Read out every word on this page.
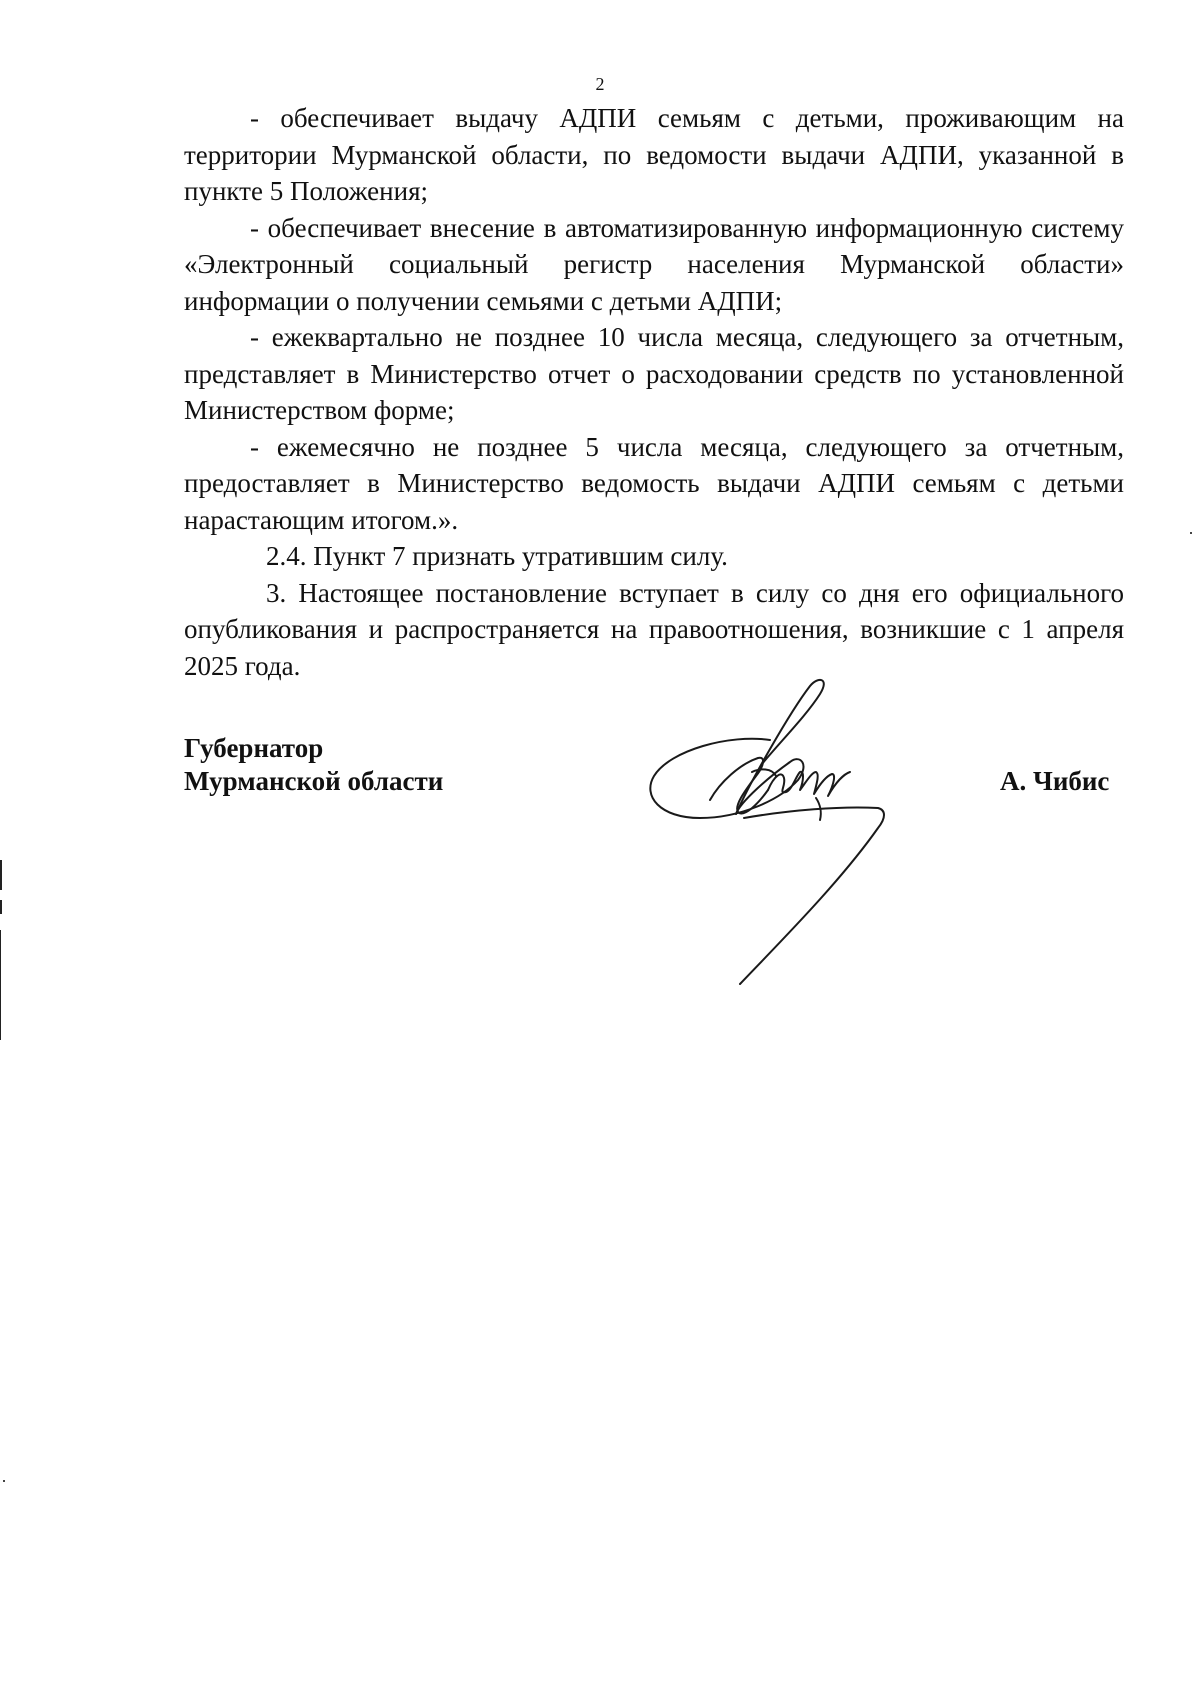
2

- обеспечивает выдачу АДПИ семьям с детьми, проживающим на территории Мурманской области, по ведомости выдачи АДПИ, указанной в пункте 5 Положения;

- обеспечивает внесение в автоматизированную информационную систему «Электронный социальный регистр населения Мурманской области» информации о получении семьями с детьми АДПИ;

- ежеквартально не позднее 10 числа месяца, следующего за отчетным, представляет в Министерство отчет о расходовании средств по установленной Министерством форме;

- ежемесячно не позднее 5 числа месяца, следующего за отчетным, предоставляет в Министерство ведомость выдачи АДПИ семьям с детьми нарастающим итогом.».

2.4. Пункт 7 признать утратившим силу.

3. Настоящее постановление вступает в силу со дня его официального опубликования и распространяется на правоотношения, возникшие с 1 апреля 2025 года.

Губернатор
Мурманской области	А. Чибис
